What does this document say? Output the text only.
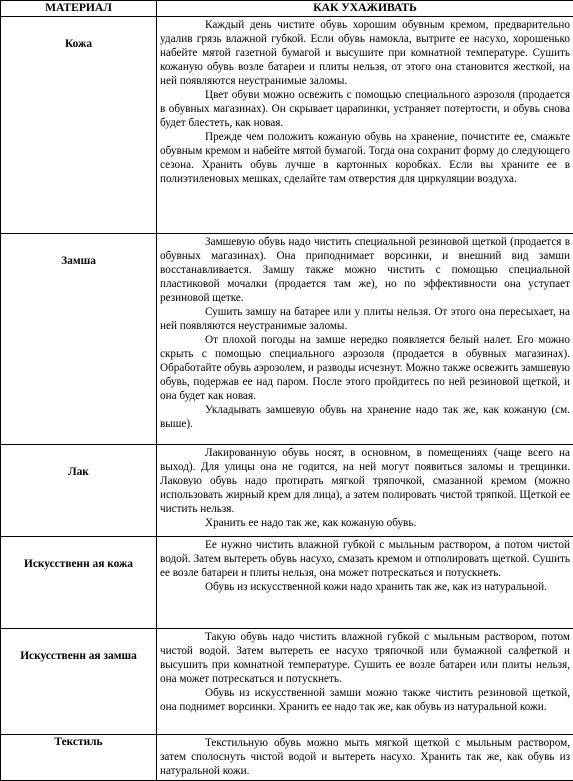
МАТЕРИАЛ	КАК УХАЖИВАТЬ
Кожа	Каждый день чистите обувь хорошим обувным кремом, предварительно удалив грязь влажной губкой. Если обувь намокла, вытрите ее насухо, хорошенько набейте мятой газетной бумагой и высушите при комнатной температуре. Сушить кожаную обувь возле батареи и плиты нельзя, от этого она становится жесткой, на ней появляются неустранимые заломы.

Цвет обуви можно освежить с помощью специального аэрозоля (продается в обувных магазинах). Он скрывает царапинки, устраняет потертости, и обувь снова будет блестеть, как новая.

Прежде чем положить кожаную обувь на хранение, почистите ее, смажьте обувным кремом и набейте мятой бумагой. Тогда она сохранит форму до следующего сезона. Хранить обувь лучше в картонных коробках. Если вы храните ее в полиэтиленовых мешках, сделайте там отверстия для циркуляции воздуха.

Замша	Замшевую обувь надо чистить специальной резиновой щеткой (продается в обувных магазинах). Она приподнимает ворсинки, и внешний вид замши восстанавливается. Замшу также можно чистить с помощью специальной пластиковой мочалки (продается там же), но по эффективности она уступает резиновой щетке.

Сушить замшу на батарее или у плиты нельзя. От этого она пересыхает, на ней появляются неустранимые заломы.

От плохой погоды на замше нередко появляется белый налет. Его можно скрыть с помощью специального аэрозоля (продается в обувных магазинах). Обработайте обувь аэрозолем, и разводы исчезнут. Можно также освежить замшевую обувь, подержав ее над паром. После этого пройдитесь по ней резиновой щеткой, и она будет как новая.

Укладывать замшевую обувь на хранение надо так же, как кожаную (см. выше).

Лак	Лакированную обувь носят, в основном, в помещениях (чаще всего на выход). Для улицы она не годится, на ней могут появиться заломы и трещинки. Лаковую обувь надо протирать мягкой тряпочкой, смазанной кремом (можно использовать жирный крем для лица), а затем полировать чистой тряпкой. Щеткой ее чистить нельзя.

Хранить ее надо так же, как кожаную обувь.

Искусственн ая кожа	Ее нужно чистить влажной губкой с мыльным раствором, а потом чистой водой. Затем вытереть обувь насухо, смазать кремом и отполировать щеткой. Сушить ее возле батареи и плиты нельзя, она может потрескаться и потускнеть.

Обувь из искусственной кожи надо хранить так же, как из натуральной.

Искусственн ая замша	Такую обувь надо чистить влажной губкой с мыльным раствором, потом чистой водой. Затем вытереть ее насухо тряпочкой или бумажной салфеткой и высушить при комнатной температуре. Сушить ее возле батареи или плиты нельзя, она может потрескаться и потускнеть.

Обувь из искусственной замши можно также чистить резиновой щеткой, она поднимет ворсинки. Хранить ее надо так же, как обувь из натуральной кожи.

Текстиль	Текстильную обувь можно мыть мягкой щеткой с мыльным раствором, затем сполоснуть чистой водой и вытереть насухо. Хранить так же, как обувь из натуральной кожи.
